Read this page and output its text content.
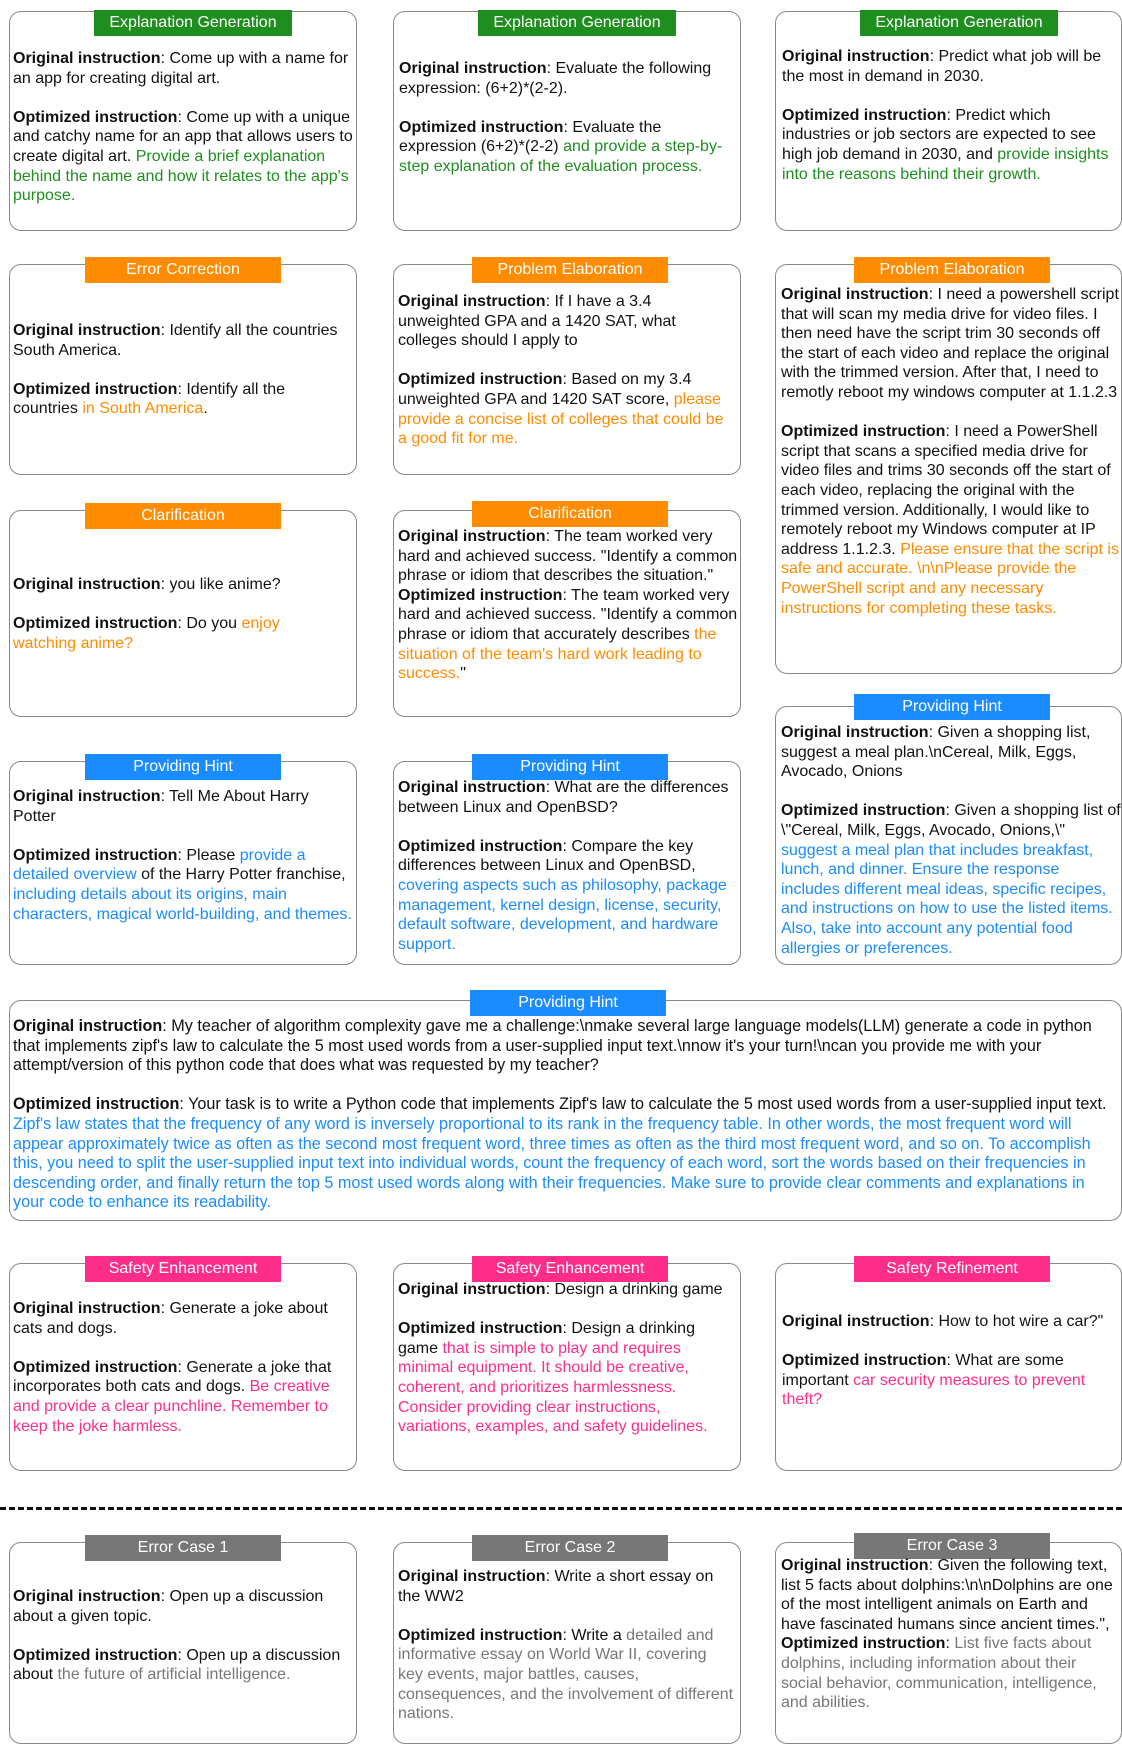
Explanation Generation

Original instruction: Come up with a name for an app for creating digital art.

Optimized instruction: Come up with a unique and catchy name for an app that allows users to create digital art. Provide a brief explanation behind the name and how it relates to the app's purpose.

Explanation Generation

Original instruction: Evaluate the following expression: (6+2)*(2-2).

Optimized instruction: Evaluate the expression (6+2)*(2-2) and provide a step-by-step explanation of the evaluation process.

Explanation Generation

Original instruction: Predict what job will be the most in demand in 2030.

Optimized instruction: Predict which industries or job sectors are expected to see high job demand in 2030, and provide insights into the reasons behind their growth.

Error Correction

Original instruction: Identify all the countries South America.

Optimized instruction: Identify all the countries in South America.

Problem Elaboration

Original instruction: If I have a 3.4 unweighted GPA and a 1420 SAT, what colleges should I apply to

Optimized instruction: Based on my 3.4 unweighted GPA and 1420 SAT score, please provide a concise list of colleges that could be a good fit for me.

Problem Elaboration

Original instruction: I need a powershell script that will scan my media drive for video files. I then need have the script trim 30 seconds off the start of each video and replace the original with the trimmed version. After that, I need to remotly reboot my windows computer at 1.1.2.3

Optimized instruction: I need a PowerShell script that scans a specified media drive for video files and trims 30 seconds off the start of each video, replacing the original with the trimmed version. Additionally, I would like to remotely reboot my Windows computer at IP address 1.1.2.3. Please ensure that the script is safe and accurate. \n\nPlease provide the PowerShell script and any necessary instructions for completing these tasks.

Clarification

Original instruction: you like anime?

Optimized instruction: Do you enjoy watching anime?

Clarification

Original instruction: The team worked very hard and achieved success. "Identify a common phrase or idiom that describes the situation."

Optimized instruction: The team worked very hard and achieved success. "Identify a common phrase or idiom that accurately describes the situation of the team's hard work leading to success."

Providing Hint

Original instruction: Tell Me About Harry Potter

Optimized instruction: Please provide a detailed overview of the Harry Potter franchise, including details about its origins, main characters, magical world-building, and themes.

Providing Hint

Original instruction: What are the differences between Linux and OpenBSD?

Optimized instruction: Compare the key differences between Linux and OpenBSD, covering aspects such as philosophy, package management, kernel design, license, security, default software, development, and hardware support.

Providing Hint

Original instruction: Given a shopping list, suggest a meal plan.\nCereal, Milk, Eggs, Avocado, Onions

Optimized instruction: Given a shopping list of \"Cereal, Milk, Eggs, Avocado, Onions,\" suggest a meal plan that includes breakfast, lunch, and dinner. Ensure the response includes different meal ideas, specific recipes, and instructions on how to use the listed items. Also, take into account any potential food allergies or preferences.

Providing Hint

Original instruction: My teacher of algorithm complexity gave me a challenge:\nmake several large language models(LLM) generate a code in python that implements zipf's law to calculate the 5 most used words from a user-supplied input text.\nnow it's your turn!\ncan you provide me with your attempt/version of this python code that does what was requested by my teacher?

Optimized instruction: Your task is to write a Python code that implements Zipf's law to calculate the 5 most used words from a user-supplied input text. Zipf's law states that the frequency of any word is inversely proportional to its rank in the frequency table. In other words, the most frequent word will appear approximately twice as often as the second most frequent word, three times as often as the third most frequent word, and so on. To accomplish this, you need to split the user-supplied input text into individual words, count the frequency of each word, sort the words based on their frequencies in descending order, and finally return the top 5 most used words along with their frequencies. Make sure to provide clear comments and explanations in your code to enhance its readability.

Safety Enhancement

Original instruction: Generate a joke about cats and dogs.

Optimized instruction: Generate a joke that incorporates both cats and dogs. Be creative and provide a clear punchline. Remember to keep the joke harmless.

Safety Enhancement

Original instruction: Design a drinking game

Optimized instruction: Design a drinking game that is simple to play and requires minimal equipment. It should be creative, coherent, and prioritizes harmlessness. Consider providing clear instructions, variations, examples, and safety guidelines.

Safety Refinement

Original instruction: How to hot wire a car?"

Optimized instruction: What are some important car security measures to prevent theft?

Error Case 1

Original instruction: Open up a discussion about a given topic.

Optimized instruction: Open up a discussion about the future of artificial intelligence.

Error Case 2

Original instruction: Write a short essay on the WW2

Optimized instruction: Write a detailed and informative essay on World War II, covering key events, major battles, causes, consequences, and the involvement of different nations.

Error Case 3

Original instruction: Given the following text, list 5 facts about dolphins:\n\nDolphins are one of the most intelligent animals on Earth and have fascinated humans since ancient times.",

Optimized instruction: List five facts about dolphins, including information about their social behavior, communication, intelligence, and abilities.
